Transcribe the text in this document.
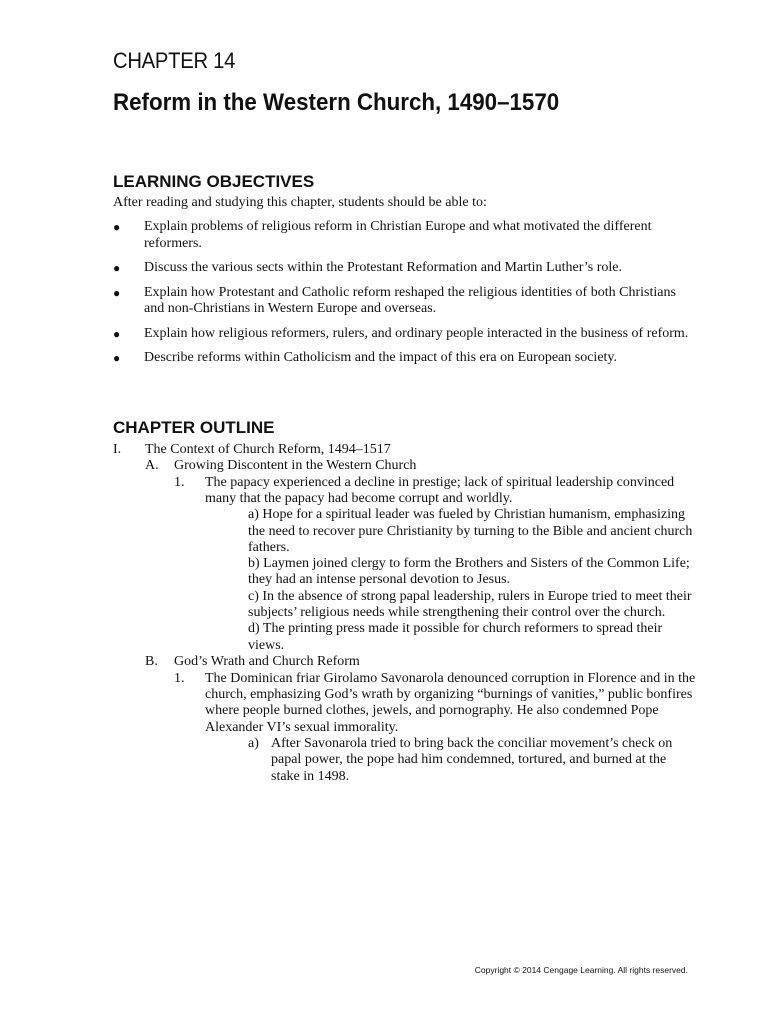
CHAPTER 14
Reform in the Western Church, 1490–1570
LEARNING OBJECTIVES
After reading and studying this chapter, students should be able to:
● Explain problems of religious reform in Christian Europe and what motivated the different reformers.
● Discuss the various sects within the Protestant Reformation and Martin Luther’s role.
● Explain how Protestant and Catholic reform reshaped the religious identities of both Christians and non-Christians in Western Europe and overseas.
● Explain how religious reformers, rulers, and ordinary people interacted in the business of reform.
● Describe reforms within Catholicism and the impact of this era on European society.
CHAPTER OUTLINE
I. The Context of Church Reform, 1494–1517
A. Growing Discontent in the Western Church
1. The papacy experienced a decline in prestige; lack of spiritual leadership convinced
many that the papacy had become corrupt and worldly.
a) Hope for a spiritual leader was fueled by Christian humanism, emphasizing
the need to recover pure Christianity by turning to the Bible and ancient church
fathers.
b) Laymen joined clergy to form the Brothers and Sisters of the Common Life;
they had an intense personal devotion to Jesus.
c) In the absence of strong papal leadership, rulers in Europe tried to meet their
subjects’ religious needs while strengthening their control over the church.
d) The printing press made it possible for church reformers to spread their
views.
B. God’s Wrath and Church Reform
1. The Dominican friar Girolamo Savonarola denounced corruption in Florence and in the
church, emphasizing God’s wrath by organizing “burnings of vanities,” public bonfires
where people burned clothes, jewels, and pornography. He also condemned Pope
Alexander VI’s sexual immorality.
a) After Savonarola tried to bring back the conciliar movement’s check on
papal power, the pope had him condemned, tortured, and burned at the
stake in 1498.
Copyright © 2014 Cengage Learning. All rights reserved.
